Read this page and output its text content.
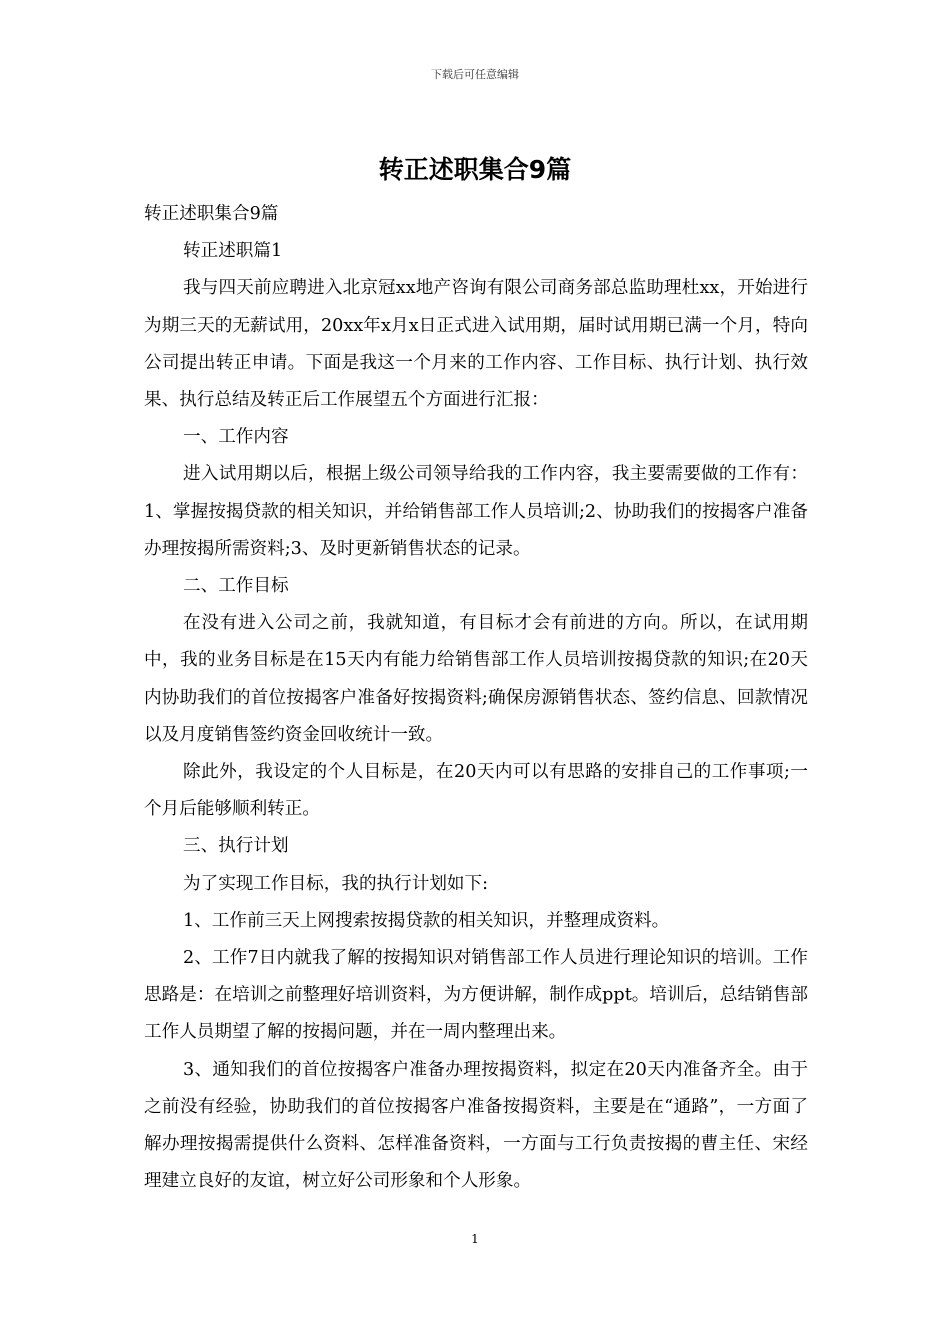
下载后可任意编辑
转正述职集合9篇

转正述职集合9篇

转正述职篇1

我与四天前应聘进入北京冠xx地产咨询有限公司商务部总监助理杜xx，开始进行为期三天的无薪试用，20xx年x月x日正式进入试用期，届时试用期已满一个月，特向公司提出转正申请。下面是我这一个月来的工作内容、工作目标、执行计划、执行效果、执行总结及转正后工作展望五个方面进行汇报：

一、工作内容

进入试用期以后，根据上级公司领导给我的工作内容，我主要需要做的工作有：1、掌握按揭贷款的相关知识，并给销售部工作人员培训;2、协助我们的按揭客户准备办理按揭所需资料;3、及时更新销售状态的记录。

二、工作目标

在没有进入公司之前，我就知道，有目标才会有前进的方向。所以，在试用期中，我的业务目标是在15天内有能力给销售部工作人员培训按揭贷款的知识;在20天内协助我们的首位按揭客户准备好按揭资料;确保房源销售状态、签约信息、回款情况以及月度销售签约资金回收统计一致。

除此外，我设定的个人目标是，在20天内可以有思路的安排自己的工作事项;一个月后能够顺利转正。

三、执行计划

为了实现工作目标，我的执行计划如下:

1、工作前三天上网搜索按揭贷款的相关知识，并整理成资料。

2、工作7日内就我了解的按揭知识对销售部工作人员进行理论知识的培训。工作思路是：在培训之前整理好培训资料，为方便讲解，制作成ppt。培训后，总结销售部工作人员期望了解的按揭问题，并在一周内整理出来。

3、通知我们的首位按揭客户准备办理按揭资料，拟定在20天内准备齐全。由于之前没有经验，协助我们的首位按揭客户准备按揭资料，主要是在“通路”，一方面了解办理按揭需提供什么资料、怎样准备资料，一方面与工行负责按揭的曹主任、宋经理建立良好的友谊，树立好公司形象和个人形象。

1
